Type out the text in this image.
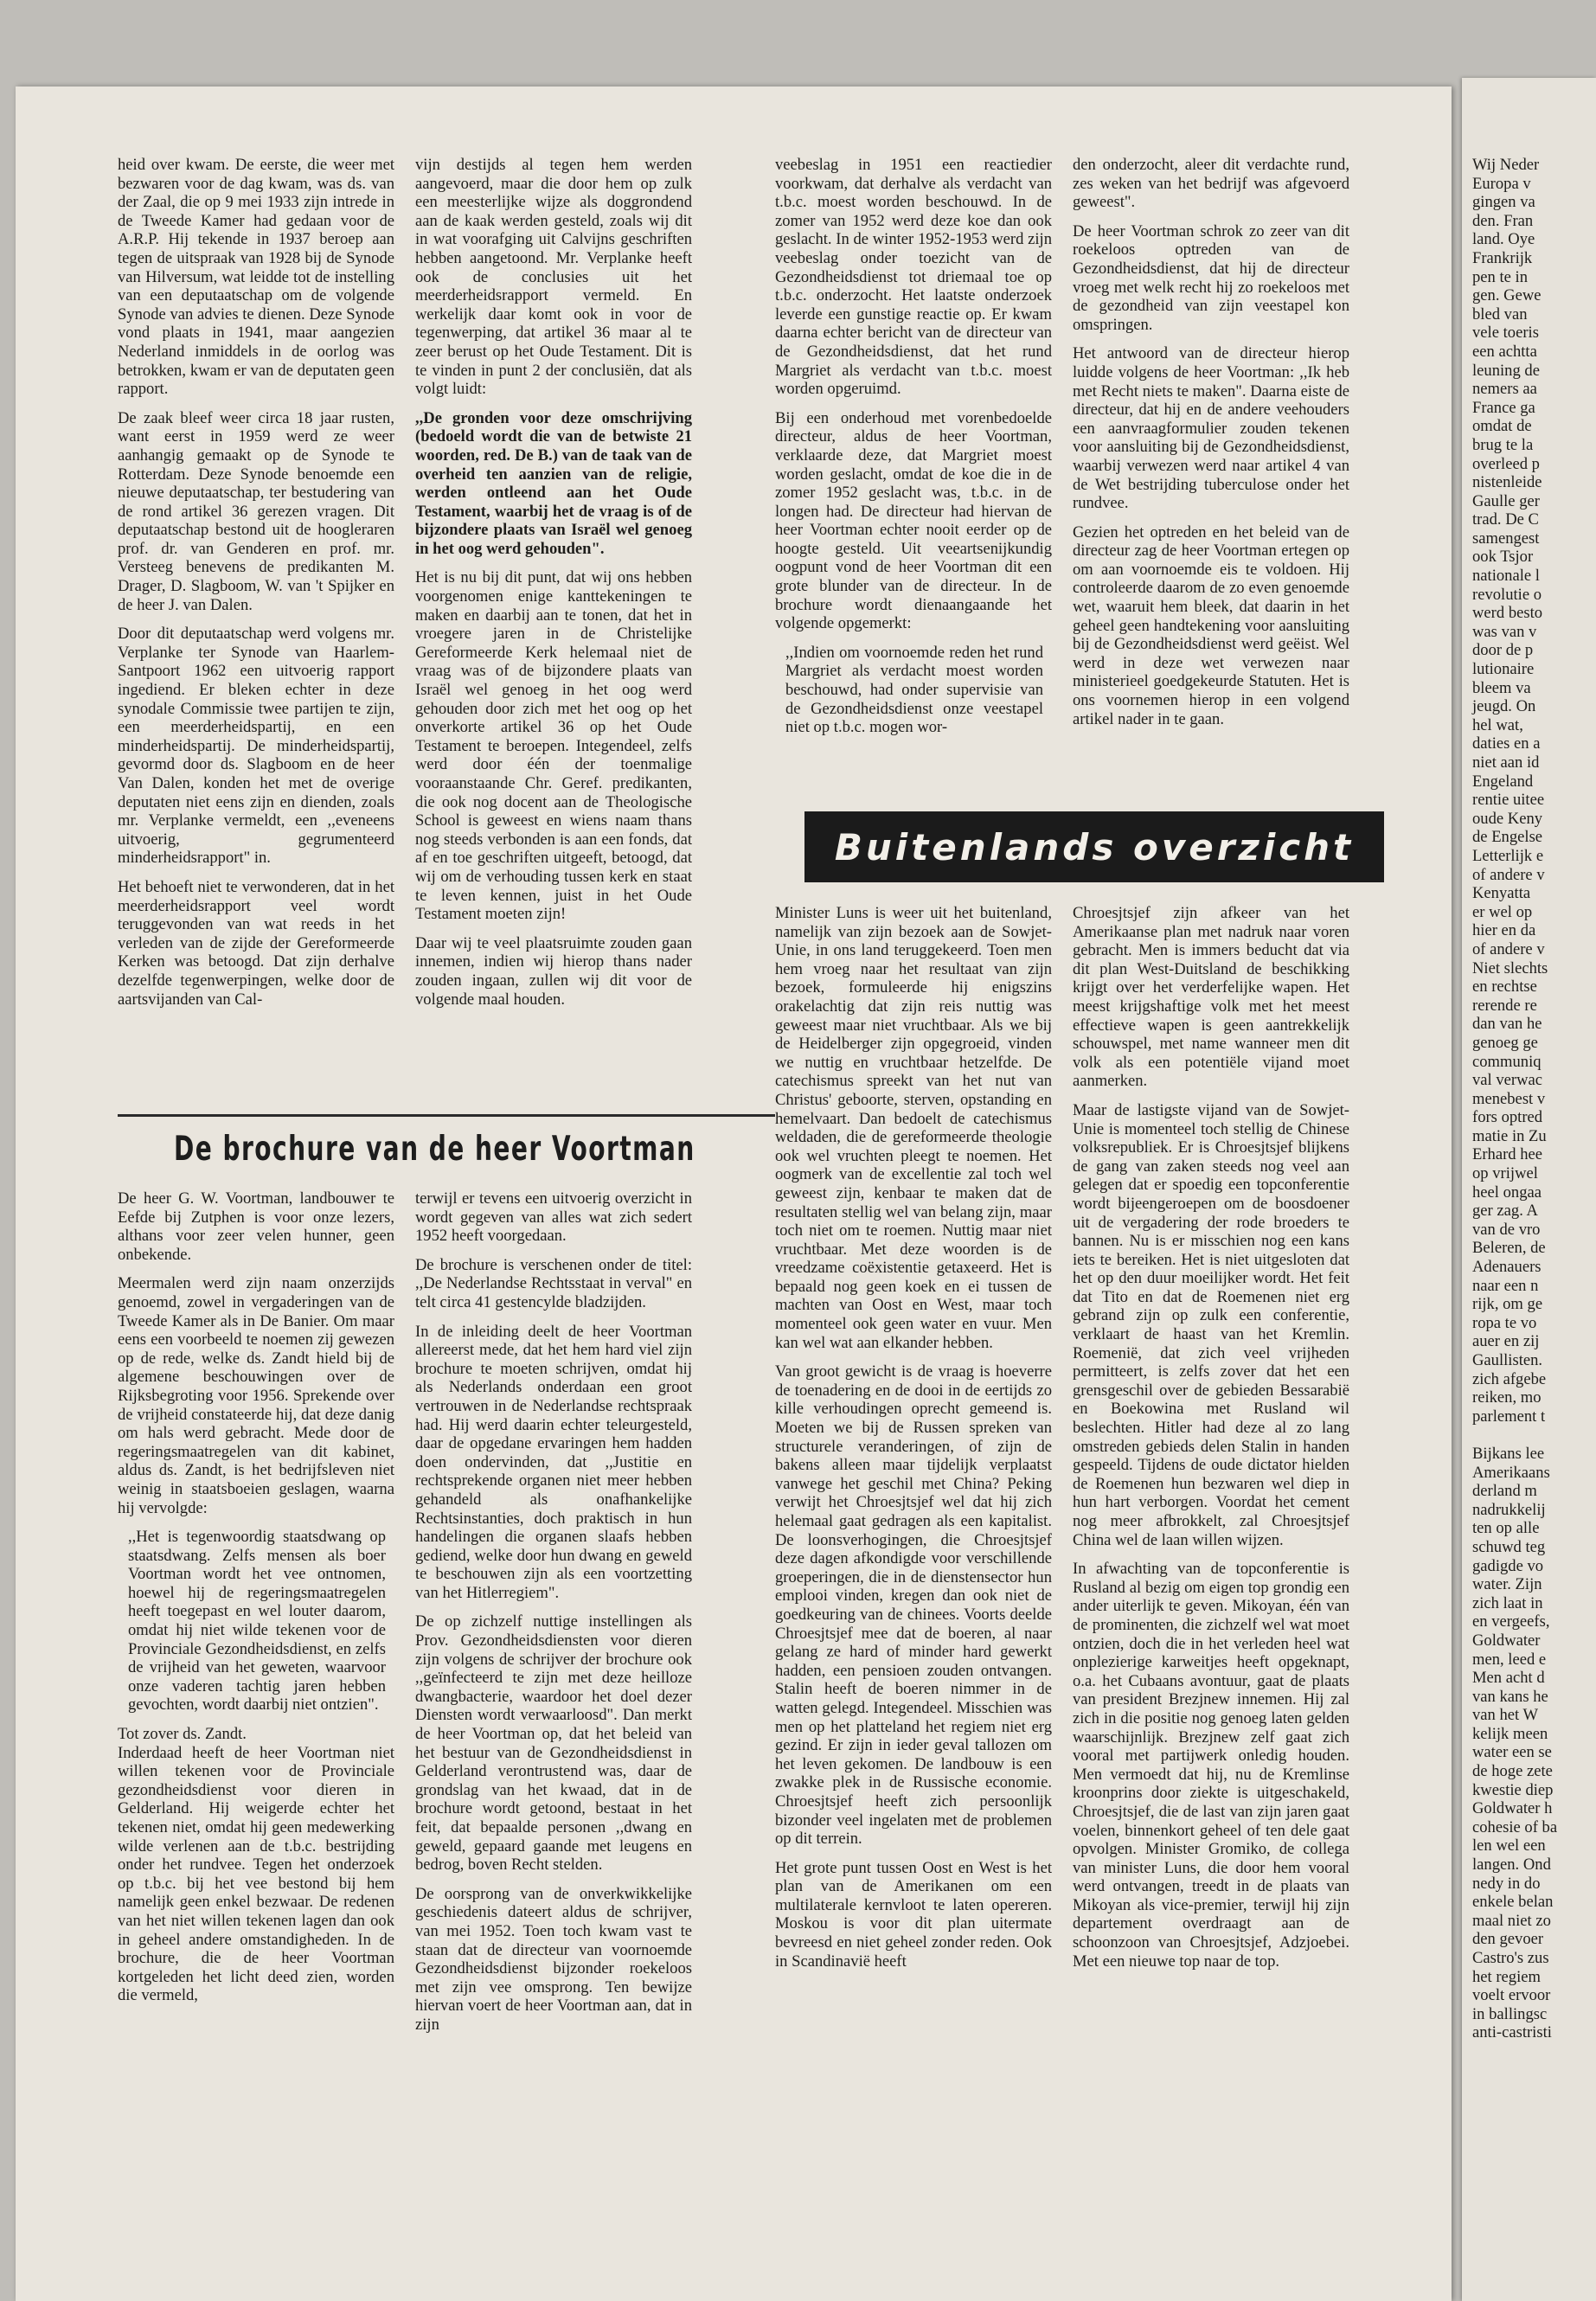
heid over kwam. De eerste, die weer met bezwaren voor de dag kwam, was ds. van der Zaal, die op 9 mei 1933 zijn intrede in de Tweede Kamer had gedaan voor de A.R.P. Hij tekende in 1937 beroep aan tegen de uitspraak van 1928 bij de Synode van Hilversum, wat leidde tot de instelling van een deputaatschap om de volgende Synode van advies te dienen. Deze Synode vond plaats in 1941, maar aangezien Nederland inmiddels in de oorlog was betrokken, kwam er van de deputaten geen rapport.

De zaak bleef weer circa 18 jaar rusten, want eerst in 1959 werd ze weer aanhangig gemaakt op de Synode te Rotterdam. Deze Synode benoemde een nieuwe deputaatschap, ter bestudering van de rond artikel 36 gerezen vragen. Dit deputaatschap bestond uit de hoogleraren prof. dr. van Genderen en prof. mr. Versteeg benevens de predikanten M. Drager, D. Slagboom, W. van 't Spijker en de heer J. van Dalen.

Door dit deputaatschap werd volgens mr. Verplanke ter Synode van Haarlem-Santpoort 1962 een uitvoerig rapport ingediend. Er bleken echter in deze synodale Commissie twee partijen te zijn, een meerderheidspartij, en een minderheidspartij. De minderheidspartij, gevormd door ds. Slagboom en de heer Van Dalen, konden het met de overige deputaten niet eens zijn en dienden, zoals mr. Verplanke vermeldt, een ,,eveneens uitvoerig, gegrumenteerd minderheidsrapport" in.

Het behoeft niet te verwonderen, dat in het meerderheidsrapport veel wordt teruggevonden van wat reeds in het verleden van de zijde der Gereformeerde Kerken was betoogd. Dat zijn derhalve dezelfde tegenwerpingen, welke door de aartsvijanden van Cal-

vijn destijds al tegen hem werden aangevoerd, maar die door hem op zulk een meesterlijke wijze als doggrondend aan de kaak werden gesteld, zoals wij dit in wat voorafging uit Calvijns geschriften hebben aangetoond. Mr. Verplanke heeft ook de conclusies uit het meerderheidsrapport vermeld. En werkelijk daar komt ook in voor de tegenwerping, dat artikel 36 maar al te zeer berust op het Oude Testament. Dit is te vinden in punt 2 der conclusiën, dat als volgt luidt:

,,De gronden voor deze omschrijving (bedoeld wordt die van de betwiste 21 woorden, red. De B.) van de taak van de overheid ten aanzien van de religie, werden ontleend aan het Oude Testament, waarbij het de vraag is of de bijzondere plaats van Israël wel genoeg in het oog werd gehouden".

Het is nu bij dit punt, dat wij ons hebben voorgenomen enige kanttekeningen te maken en daarbij aan te tonen, dat het in vroegere jaren in de Christelijke Gereformeerde Kerk helemaal niet de vraag was of de bijzondere plaats van Israël wel genoeg in het oog werd gehouden door zich met het oog op het onverkorte artikel 36 op het Oude Testament te beroepen. Integendeel, zelfs werd door één der toenmalige vooraanstaande Chr. Geref. predikanten, die ook nog docent aan de Theologische School is geweest en wiens naam thans nog steeds verbonden is aan een fonds, dat af en toe geschriften uitgeeft, betoogd, dat wij om de verhouding tussen kerk en staat te leven kennen, juist in het Oude Testament moeten zijn!

Daar wij te veel plaatsruimte zouden gaan innemen, indien wij hierop thans nader zouden ingaan, zullen wij dit voor de volgende maal houden.

veebeslag in 1951 een reactiedier voorkwam, dat derhalve als verdacht van t.b.c. moest worden beschouwd. In de zomer van 1952 werd deze koe dan ook geslacht. In de winter 1952-1953 werd zijn veebeslag onder toezicht van de Gezondheidsdienst tot driemaal toe op t.b.c. onderzocht. Het laatste onderzoek leverde een gunstige reactie op. Er kwam daarna echter bericht van de directeur van de Gezondheidsdienst, dat het rund Margriet als verdacht van t.b.c. moest worden opgeruimd.

Bij een onderhoud met vorenbedoelde directeur, aldus de heer Voortman, verklaarde deze, dat Margriet moest worden geslacht, omdat de koe die in de zomer 1952 geslacht was, t.b.c. in de longen had. De directeur had hiervan de heer Voortman echter nooit eerder op de hoogte gesteld. Uit veeartsenijkundig oogpunt vond de heer Voortman dit een grote blunder van de directeur. In de brochure wordt dienaangaande het volgende opgemerkt:

,,Indien om voornoemde reden het rund Margriet als verdacht moest worden beschouwd, had onder supervisie van de Gezondheidsdienst onze veestapel niet op t.b.c. mogen wor-

den onderzocht, aleer dit verdachte rund, zes weken van het bedrijf was afgevoerd geweest".

De heer Voortman schrok zo zeer van dit roekeloos optreden van de Gezondheidsdienst, dat hij de directeur vroeg met welk recht hij zo roekeloos met de gezondheid van zijn veestapel kon omspringen.

Het antwoord van de directeur hierop luidde volgens de heer Voortman: ,,Ik heb met Recht niets te maken". Daarna eiste de directeur, dat hij en de andere veehouders een aanvraagformulier zouden tekenen voor aansluiting bij de Gezondheidsdienst, waarbij verwezen werd naar artikel 4 van de Wet bestrijding tuberculose onder het rundvee.

Gezien het optreden en het beleid van de directeur zag de heer Voortman ertegen op om aan voornoemde eis te voldoen. Hij controleerde daarom de zo even genoemde wet, waaruit hem bleek, dat daarin in het geheel geen handtekening voor aansluiting bij de Gezondheidsdienst werd geëist. Wel werd in deze wet verwezen naar ministerieel goedgekeurde Statuten. Het is ons voornemen hierop in een volgend artikel nader in te gaan.

De brochure van de heer Voortman

De heer G. W. Voortman, landbouwer te Eefde bij Zutphen is voor onze lezers, althans voor zeer velen hunner, geen onbekende.

Meermalen werd zijn naam onzerzijds genoemd, zowel in vergaderingen van de Tweede Kamer als in De Banier. Om maar eens een voorbeeld te noemen zij gewezen op de rede, welke ds. Zandt hield bij de algemene beschouwingen over de Rijksbegroting voor 1956. Sprekende over de vrijheid constateerde hij, dat deze danig om hals werd gebracht. Mede door de regeringsmaatregelen van dit kabinet, aldus ds. Zandt, is het bedrijfsleven niet weinig in staatsboeien geslagen, waarna hij vervolgde:

,,Het is tegenwoordig staatsdwang op staatsdwang. Zelfs mensen als boer Voortman wordt het vee ontnomen, hoewel hij de regeringsmaatregelen heeft toegepast en wel louter daarom, omdat hij niet wilde tekenen voor de Provinciale Gezondheidsdienst, en zelfs de vrijheid van het geweten, waarvoor onze vaderen tachtig jaren hebben gevochten, wordt daarbij niet ontzien".

Tot zover ds. Zandt.

Inderdaad heeft de heer Voortman niet willen tekenen voor de Provinciale gezondheidsdienst voor dieren in Gelderland. Hij weigerde echter het tekenen niet, omdat hij geen medewerking wilde verlenen aan de t.b.c. bestrijding onder het rundvee. Tegen het onderzoek op t.b.c. bij het vee bestond bij hem namelijk geen enkel bezwaar. De redenen van het niet willen tekenen lagen dan ook in geheel andere omstandigheden. In de brochure, die de heer Voortman kortgeleden het licht deed zien, worden die vermeld,

terwijl er tevens een uitvoerig overzicht in wordt gegeven van alles wat zich sedert 1952 heeft voorgedaan.

De brochure is verschenen onder de titel: ,,De Nederlandse Rechtsstaat in verval" en telt circa 41 gestencylde bladzijden.

In de inleiding deelt de heer Voortman allereerst mede, dat het hem hard viel zijn brochure te moeten schrijven, omdat hij als Nederlands onderdaan een groot vertrouwen in de Nederlandse rechtspraak had. Hij werd daarin echter teleurgesteld, daar de opgedane ervaringen hem hadden doen ondervinden, dat ,,Justitie en rechtsprekende organen niet meer hebben gehandeld als onafhankelijke Rechtsinstanties, doch praktisch in hun handelingen die organen slaafs hebben gediend, welke door hun dwang en geweld te beschouwen zijn als een voortzetting van het Hitlerregiem".

De op zichzelf nuttige instellingen als Prov. Gezondheidsdiensten voor dieren zijn volgens de schrijver der brochure ook ,,geïnfecteerd te zijn met deze heilloze dwangbacterie, waardoor het doel dezer Diensten wordt verwaarloosd". Dan merkt de heer Voortman op, dat het beleid van het bestuur van de Gezondheidsdienst in Gelderland verontrustend was, daar de grondslag van het kwaad, dat in de brochure wordt getoond, bestaat in het feit, dat bepaalde personen ,,dwang en geweld, gepaard gaande met leugens en bedrog, boven Recht stelden.

De oorsprong van de onverkwikkelijke geschiedenis dateert aldus de schrijver, van mei 1952. Toen toch kwam vast te staan dat de directeur van voornoemde Gezondheidsdienst bijzonder roekeloos met zijn vee omsprong. Ten bewijze hiervan voert de heer Voortman aan, dat in zijn

Buitenlands overzicht

Minister Luns is weer uit het buitenland, namelijk van zijn bezoek aan de Sowjet-Unie, in ons land teruggekeerd. Toen men hem vroeg naar het resultaat van zijn bezoek, formuleerde hij enigszins orakelachtig dat zijn reis nuttig was geweest maar niet vruchtbaar. Als we bij de Heidelberger zijn opgegroeid, vinden we nuttig en vruchtbaar hetzelfde. De catechismus spreekt van het nut van Christus' geboorte, sterven, opstanding en hemelvaart. Dan bedoelt de catechismus weldaden, die de gereformeerde theologie ook wel vruchten pleegt te noemen. Het oogmerk van de excellentie zal toch wel geweest zijn, kenbaar te maken dat de resultaten stellig wel van belang zijn, maar toch niet om te roemen. Nuttig maar niet vruchtbaar. Met deze woorden is de vreedzame coëxistentie getaxeerd. Het is bepaald nog geen koek en ei tussen de machten van Oost en West, maar toch momenteel ook geen water en vuur. Men kan wel wat aan elkander hebben.

Van groot gewicht is de vraag is hoeverre de toenadering en de dooi in de eertijds zo kille verhoudingen oprecht gemeend is. Moeten we bij de Russen spreken van structurele veranderingen, of zijn de bakens alleen maar tijdelijk verplaatst vanwege het geschil met China? Peking verwijt het Chroesjtsjef wel dat hij zich helemaal gaat gedragen als een kapitalist. De loonsverhogingen, die Chroesjtsjef deze dagen afkondigde voor verschillende groeperingen, die in de dienstensector hun emplooi vinden, kregen dan ook niet de goedkeuring van de chinees. Voorts deelde Chroesjtsjef mee dat de boeren, al naar gelang ze hard of minder hard gewerkt hadden, een pensioen zouden ontvangen. Stalin heeft de boeren nimmer in de watten gelegd. Integendeel. Misschien was men op het platteland het regiem niet erg gezind. Er zijn in ieder geval tallozen om het leven gekomen. De landbouw is een zwakke plek in de Russische economie. Chroesjtsjef heeft zich persoonlijk bizonder veel ingelaten met de problemen op dit terrein.

Het grote punt tussen Oost en West is het plan van de Amerikanen om een multilaterale kernvloot te laten opereren. Moskou is voor dit plan uitermate bevreesd en niet geheel zonder reden. Ook in Scandinavië heeft

Chroesjtsjef zijn afkeer van het Amerikaanse plan met nadruk naar voren gebracht. Men is immers beducht dat via dit plan West-Duitsland de beschikking krijgt over het verderfelijke wapen. Het meest krijgshaftige volk met het meest effectieve wapen is geen aantrekkelijk schouwspel, met name wanneer men dit volk als een potentiële vijand moet aanmerken.

Maar de lastigste vijand van de Sowjet-Unie is momenteel toch stellig de Chinese volksrepubliek. Er is Chroesjtsjef blijkens de gang van zaken steeds nog veel aan gelegen dat er spoedig een topconferentie wordt bijeengeroepen om de boosdoener uit de vergadering der rode broeders te bannen. Nu is er misschien nog een kans iets te bereiken. Het is niet uitgesloten dat het op den duur moeilijker wordt. Het feit dat Tito en dat de Roemenen niet erg gebrand zijn op zulk een conferentie, verklaart de haast van het Kremlin. Roemenië, dat zich veel vrijheden permitteert, is zelfs zover dat het een grensgeschil over de gebieden Bessarabië en Boekowina met Rusland wil beslechten. Hitler had deze al zo lang omstreden gebieds delen Stalin in handen gespeeld. Tijdens de oude dictator hielden de Roemenen hun bezwaren wel diep in hun hart verborgen. Voordat het cement nog meer afbrokkelt, zal Chroesjtsjef China wel de laan willen wijzen.

In afwachting van de topconferentie is Rusland al bezig om eigen top grondig een ander uiterlijk te geven. Mikoyan, één van de prominenten, die zichzelf wel wat moet ontzien, doch die in het verleden heel wat onplezierige karweitjes heeft opgeknapt, o.a. het Cubaans avontuur, gaat de plaats van president Brezjnew innemen. Hij zal zich in die positie nog genoeg laten gelden waarschijnlijk. Brezjnew zelf gaat zich vooral met partijwerk onledig houden. Men vermoedt dat hij, nu de Kremlinse kroonprins door ziekte is uitgeschakeld, Chroesjtsjef, die de last van zijn jaren gaat voelen, binnenkort geheel of ten dele gaat opvolgen. Minister Gromiko, de collega van minister Luns, die door hem vooral werd ontvangen, treedt in de plaats van Mikoyan als vice-premier, terwijl hij zijn departement overdraagt aan de schoonzoon van Chroesjtsjef, Adzjoebei. Met een nieuwe top naar de top.

Wij Neder
Europa v
gingen va
den. Fran
land. Oye
Frankrijk
pen te in
gen. Gewe
bled van
vele toeris
een achtta
leuning de
nemers aa
France ga
omdat de
brug te la
overleed p
nistenleide
Gaulle ger
trad. De C
samengest
ook Tsjor
nationale l
revolutie o
werd besto
was van v
door de p
lutionaire
bleem va
jeugd. On
hel wat,
daties en a
niet aan id
Engeland
rentie uitee
oude Keny
de Engelse
Letterlijk e
of andere v
Kenyatta
er wel op
hier en da
of andere v
Niet slechts
en rechtse
rerende re
dan van he
genoeg ge
communiq
val verwac
menebest v
fors optred
matie in Zu
Erhard hee
op vrijwel
heel ongaa
ger zag. A
van de vro
Beleren, de
Adenauers
naar een n
rijk, om ge
ropa te vo
auer en zij
Gaullisten.
zich afgebe
reiken, mo
parlement t
Bijkans lee
Amerikaans
derland m
nadrukkelij
ten op alle
schuwd teg
gadigde vo
water. Zijn
zich laat in
en vergeefs,
Goldwater
men, leed e
Men acht d
van kans he
van het W
kelijk meen
water een se
de hoge zete
kwestie diep
Goldwater h
cohesie of ba
len wel een
langen. Ond
nedy in do
enkele belan
maal niet zo
den gevoer
Castro's zus
het regiem
voelt ervoor
in ballingsc
anti-castristi
